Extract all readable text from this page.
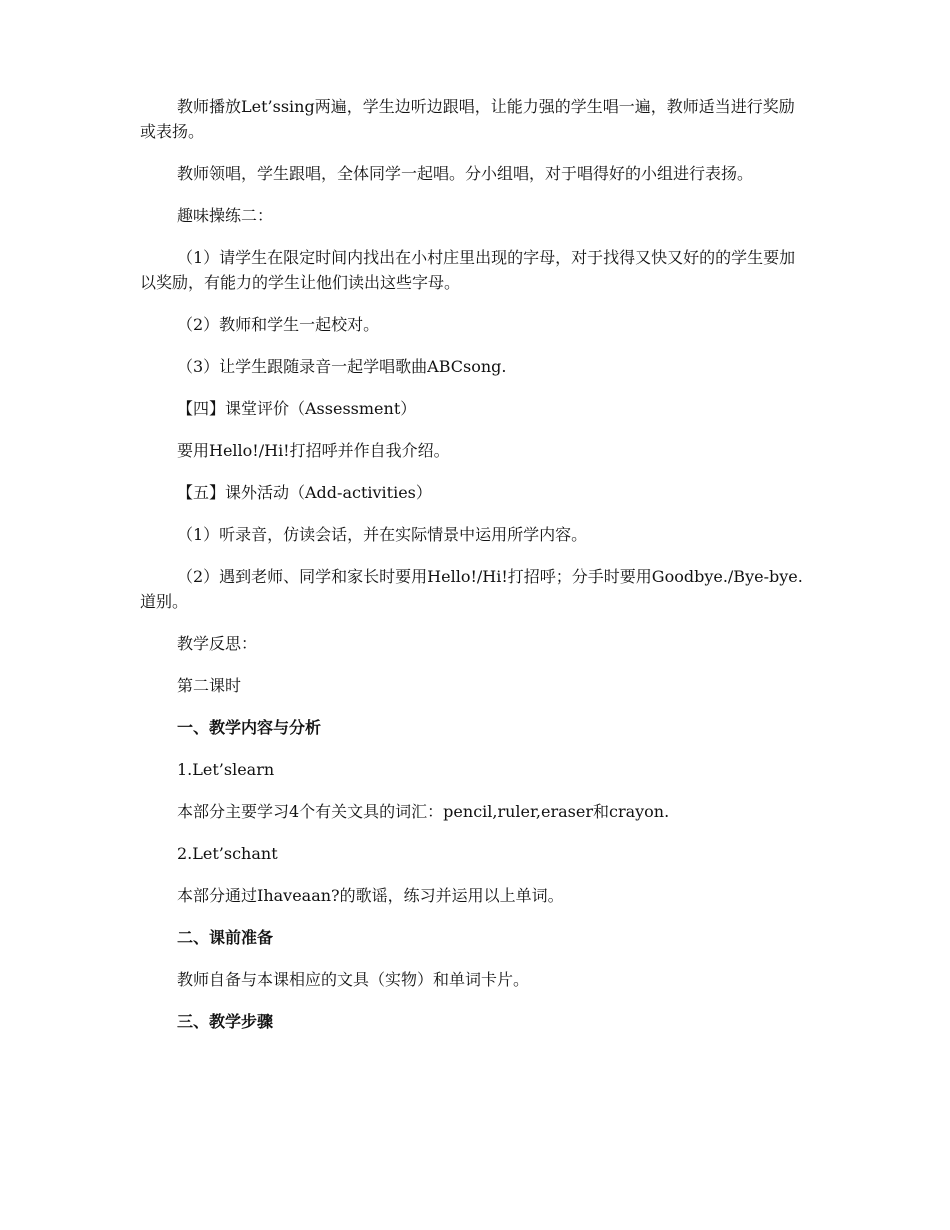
教师播放Let’ssing两遍，学生边听边跟唱，让能力强的学生唱一遍，教师适当进行奖励或表扬。

教师领唱，学生跟唱，全体同学一起唱。分小组唱，对于唱得好的小组进行表扬。

趣味操练二：

（1）请学生在限定时间内找出在小村庄里出现的字母，对于找得又快又好的的学生要加以奖励，有能力的学生让他们读出这些字母。

（2）教师和学生一起校对。

（3）让学生跟随录音一起学唱歌曲ABCsong.

【四】课堂评价（Assessment）

要用Hello!/Hi!打招呼并作自我介绍。

【五】课外活动（Add-activities）

（1）听录音，仿读会话，并在实际情景中运用所学内容。

（2）遇到老师、同学和家长时要用Hello!/Hi!打招呼；分手时要用Goodbye./Bye-bye.道别。

教学反思：

第二课时

一、教学内容与分析

1.Let’slearn

本部分主要学习4个有关文具的词汇：pencil,ruler,eraser和crayon.

2.Let’schant

本部分通过Ihaveaan?的歌谣，练习并运用以上单词。

二、课前准备

教师自备与本课相应的文具（实物）和单词卡片。

三、教学步骤
